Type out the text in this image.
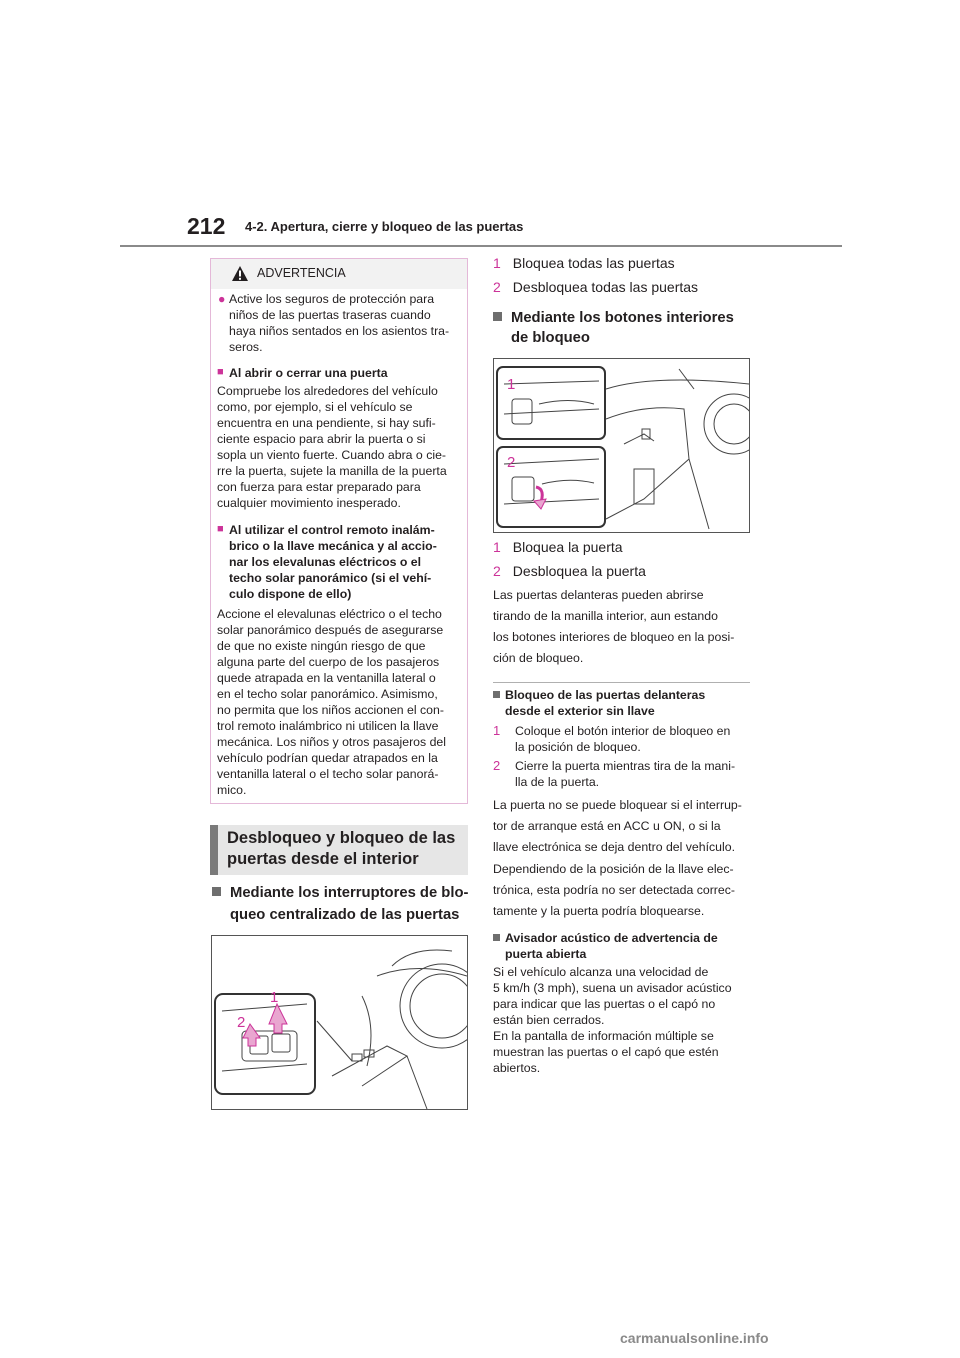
212 4-2. Apertura, cierre y bloqueo de las puertas
ADVERTENCIA
● Active los seguros de protección para
niños de las puertas traseras cuando
haya niños sentados en los asientos tra-
seros.
■ Al abrir o cerrar una puerta
Compruebe los alrededores del vehículo
como, por ejemplo, si el vehículo se
encuentra en una pendiente, si hay sufi-
ciente espacio para abrir la puerta o si
sopla un viento fuerte. Cuando abra o cie-
rre la puerta, sujete la manilla de la puerta
con fuerza para estar preparado para
cualquier movimiento inesperado.
■ Al utilizar el control remoto inalám-
brico o la llave mecánica y al accio-
nar los elevalunas eléctricos o el
techo solar panorámico (si el vehí-
culo dispone de ello)
Accione el elevalunas eléctrico o el techo
solar panorámico después de asegurarse
de que no existe ningún riesgo de que
alguna parte del cuerpo de los pasajeros
quede atrapada en la ventanilla lateral o
en el techo solar panorámico. Asimismo,
no permita que los niños accionen el con-
trol remoto inalámbrico ni utilicen la llave
mecánica. Los niños y otros pasajeros del
vehículo podrían quedar atrapados en la
ventanilla lateral o el techo solar panorá-
mico.
Desbloqueo y bloqueo de las
puertas desde el interior
Mediante los interruptores de blo-
queo centralizado de las puertas
1
2
1 Bloquea todas las puertas
2 Desbloquea todas las puertas
Mediante los botones interiores
de bloqueo
1
2
1 Bloquea la puerta
2 Desbloquea la puerta
Las puertas delanteras pueden abrirse
tirando de la manilla interior, aun estando
los botones interiores de bloqueo en la posi-
ción de bloqueo.
Bloqueo de las puertas delanteras
desde el exterior sin llave
1 Coloque el botón interior de bloqueo en
la posición de bloqueo.
2 Cierre la puerta mientras tira de la mani-
lla de la puerta.
La puerta no se puede bloquear si el interrup-
tor de arranque está en ACC u ON, o si la
llave electrónica se deja dentro del vehículo.
Dependiendo de la posición de la llave elec-
trónica, esta podría no ser detectada correc-
tamente y la puerta podría bloquearse.
Avisador acústico de advertencia de
puerta abierta
Si el vehículo alcanza una velocidad de
5 km/h (3 mph), suena un avisador acústico
para indicar que las puertas o el capó no
están bien cerrados.
En la pantalla de información múltiple se
muestran las puertas o el capó que estén
abiertos.
carmanualsonline.info
